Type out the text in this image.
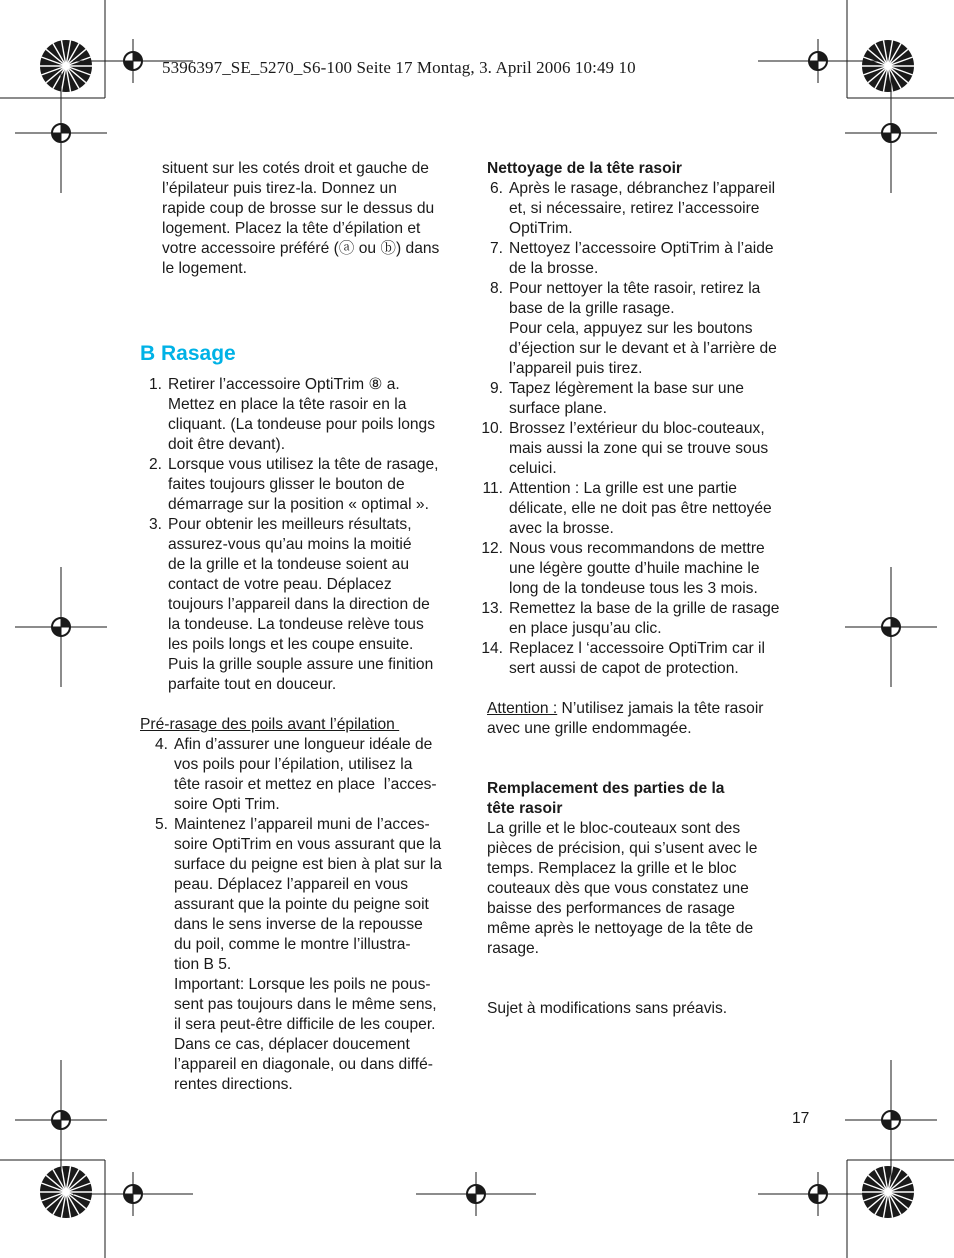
5396397_SE_5270_S6-100 Seite 17 Montag, 3. April 2006 10:49 10
situent sur les cotés droit et gauche de
l’épilateur puis tirez-la. Donnez un
rapide coup de brosse sur le dessus du
logement. Placez la tête d’épilation et
votre accessoire préféré (ⓐ ou ⓑ) dans
le logement.
B Rasage
1. Retirer l’accessoire OptiTrim ⑧ a.
Mettez en place la tête rasoir en la
cliquant. (La tondeuse pour poils longs
doit être devant).
2. Lorsque vous utilisez la tête de rasage,
faites toujours glisser le bouton de
démarrage sur la position « optimal ».
3. Pour obtenir les meilleurs résultats,
assurez-vous qu’au moins la moitié
de la grille et la tondeuse soient au
contact de votre peau. Déplacez
toujours l’appareil dans la direction de
la tondeuse. La tondeuse relève tous
les poils longs et les coupe ensuite.
Puis la grille souple assure une finition
parfaite tout en douceur.
Pré-rasage des poils avant l’épilation
4. Afin d’assurer une longueur idéale de
vos poils pour l’épilation, utilisez la
tête rasoir et mettez en place  l’acces-
soire Opti Trim.
5. Maintenez l’appareil muni de l’acces-
soire OptiTrim en vous assurant que la
surface du peigne est bien à plat sur la
peau. Déplacez l’appareil en vous
assurant que la pointe du peigne soit
dans le sens inverse de la repousse
du poil, comme le montre l’illustra-
tion B 5.
Important: Lorsque les poils ne pous-
sent pas toujours dans le même sens,
il sera peut-être difficile de les couper.
Dans ce cas, déplacer doucement
l’appareil en diagonale, ou dans diffé-
rentes directions.
Nettoyage de la tête rasoir
6. Après le rasage, débranchez l’appareil
et, si nécessaire, retirez l’accessoire
OptiTrim.
7. Nettoyez l’accessoire OptiTrim à l’aide
de la brosse.
8. Pour nettoyer la tête rasoir, retirez la
base de la grille rasage.
Pour cela, appuyez sur les boutons
d’éjection sur le devant et à l’arrière de
l’appareil puis tirez.
9. Tapez légèrement la base sur une
surface plane.
10. Brossez l’extérieur du bloc-couteaux,
mais aussi la zone qui se trouve sous
celuici.
11. Attention : La grille est une partie
délicate, elle ne doit pas être nettoyée
avec la brosse.
12. Nous vous recommandons de mettre
une légère goutte d’huile machine le
long de la tondeuse tous les 3 mois.
13. Remettez la base de la grille de rasage
en place jusqu’au clic.
14. Replacez l ‘accessoire OptiTrim car il
sert aussi de capot de protection.
Attention : N’utilisez jamais la tête rasoir
avec une grille endommagée.
Remplacement des parties de la
tête rasoir
La grille et le bloc-couteaux sont des
pièces de précision, qui s’usent avec le
temps. Remplacez la grille et le bloc
couteaux dès que vous constatez une
baisse des performances de rasage
même après le nettoyage de la tête de
rasage.
Sujet à modifications sans préavis.
17
